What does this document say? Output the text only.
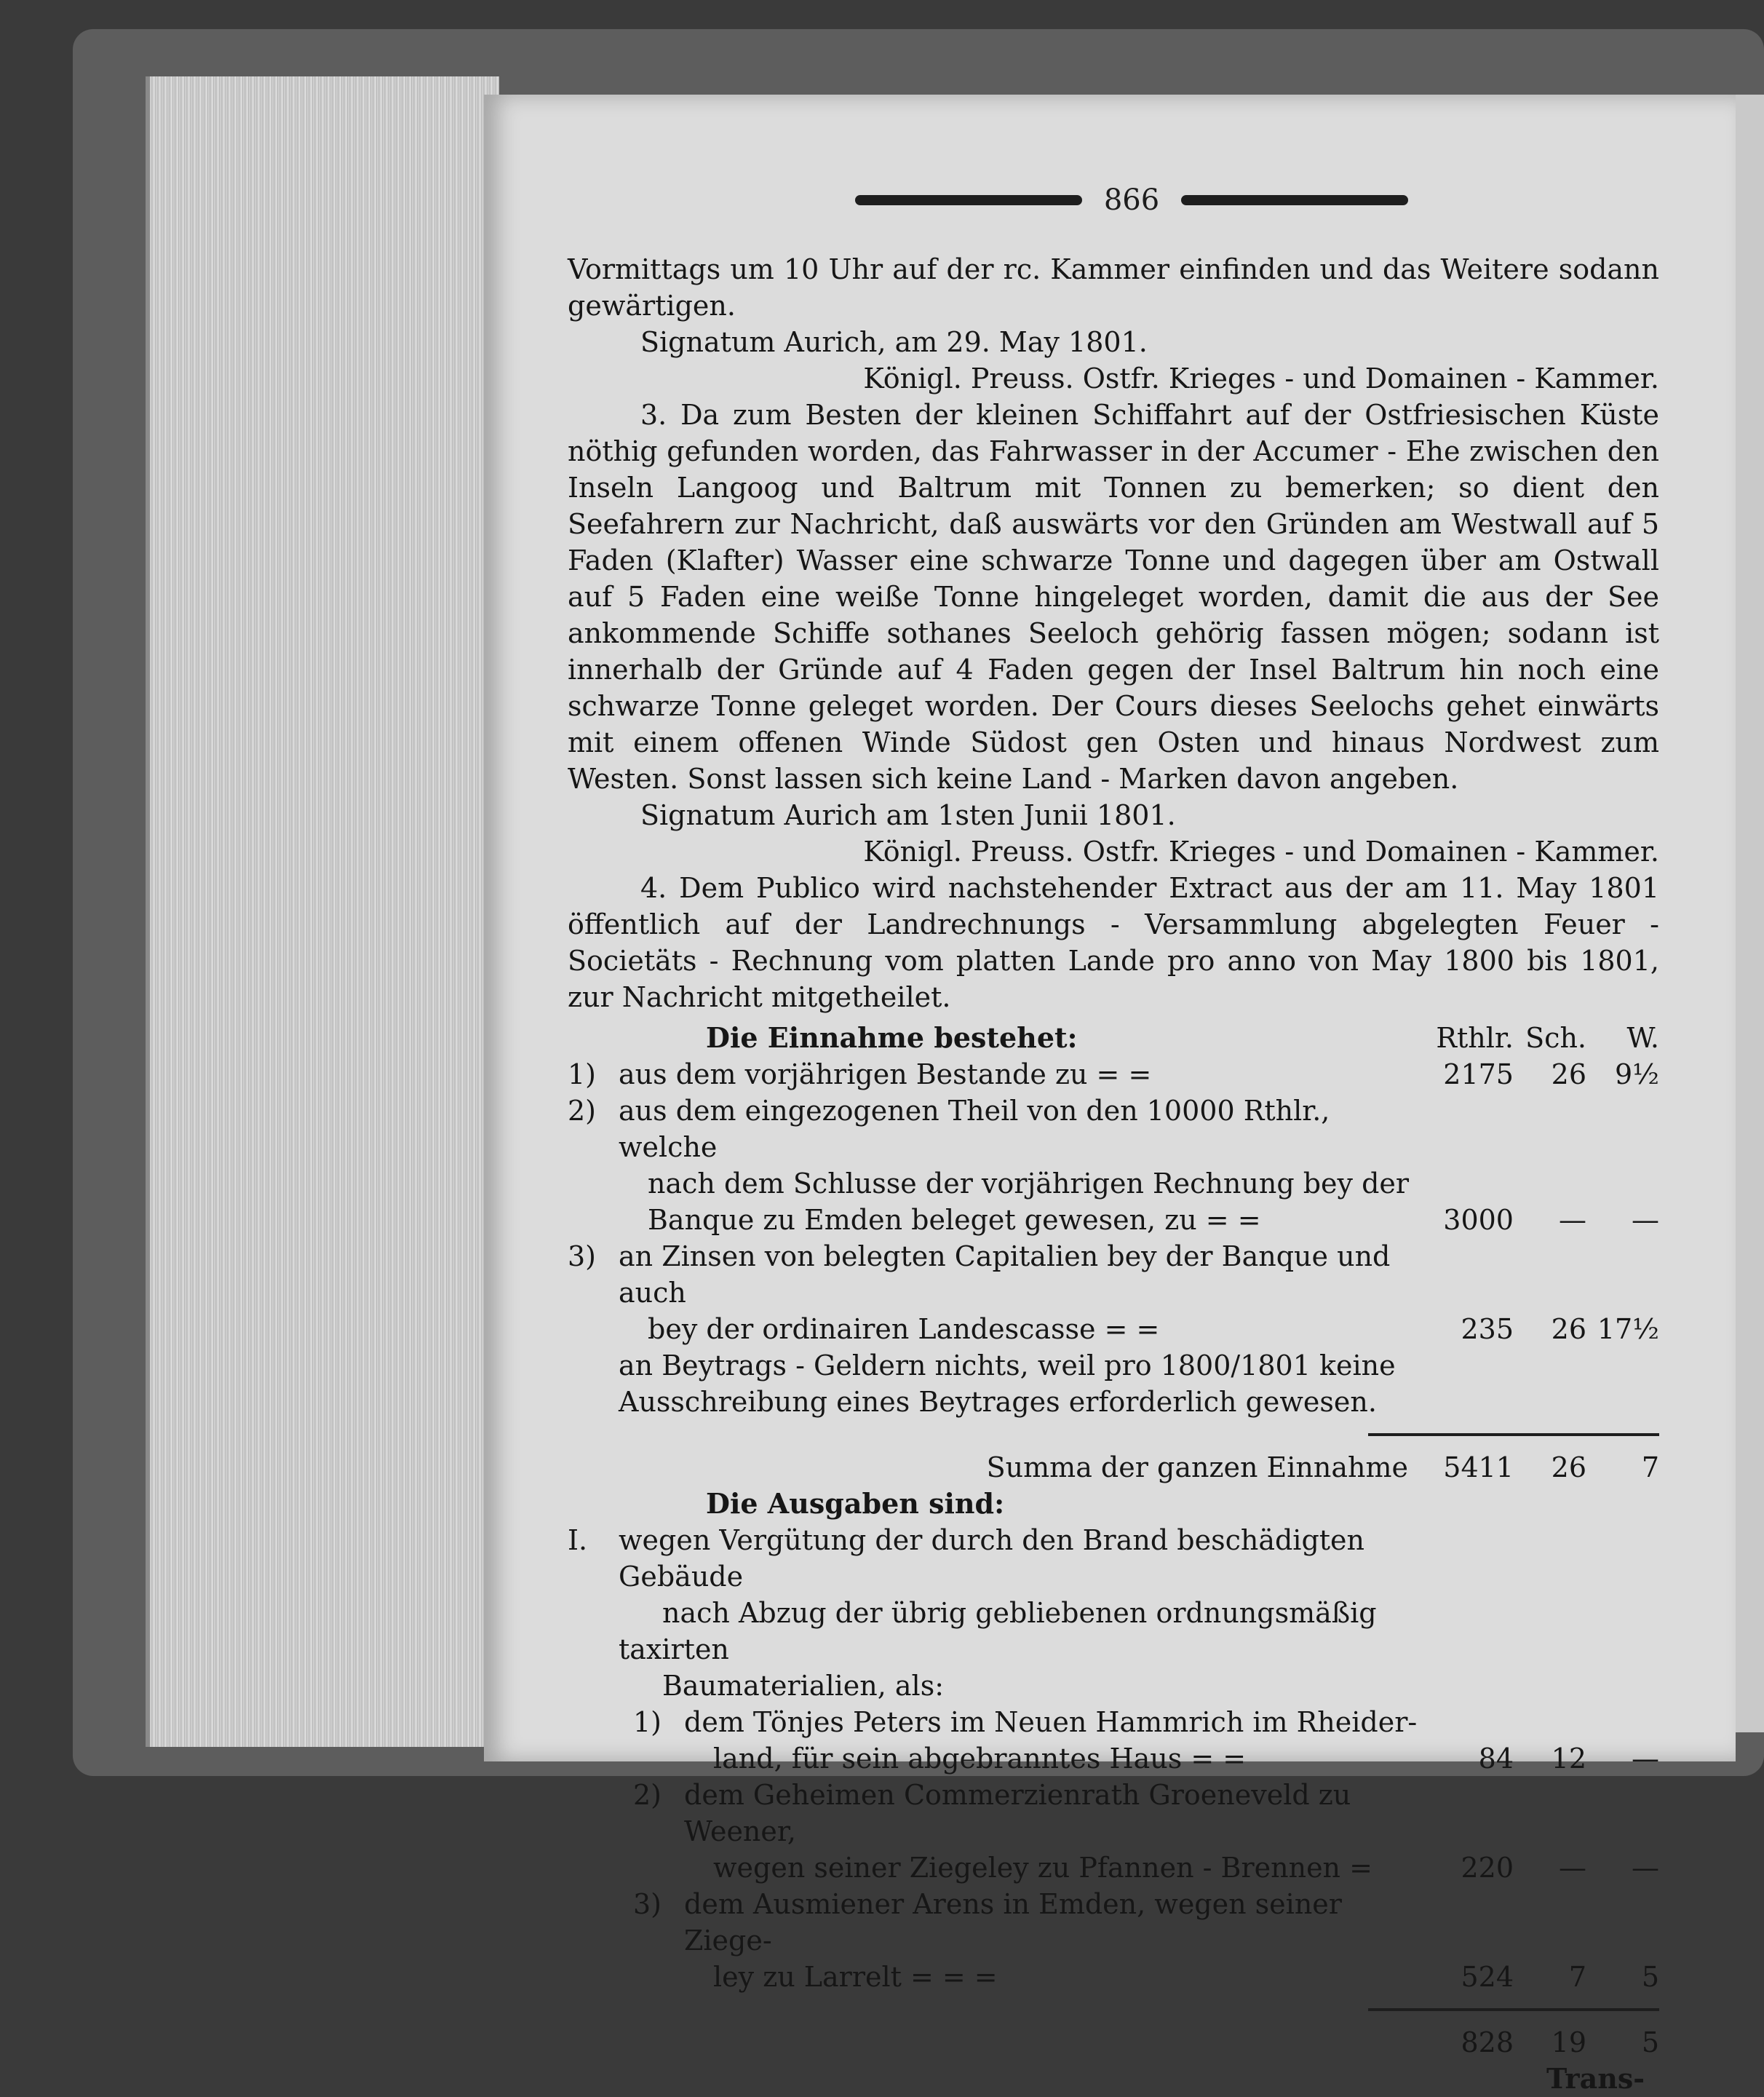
866

Vormittags um 10 Uhr auf der rc. Kammer einfinden und das Weitere sodann gewärtigen.

Signatum Aurich, am 29. May 1801.

Königl. Preuss. Ostfr. Krieges - und Domainen - Kammer.

3. Da zum Besten der kleinen Schiffahrt auf der Ostfriesischen Küste nöthig gefunden worden, das Fahrwasser in der Accumer - Ehe zwischen den Inseln Langoog und Baltrum mit Tonnen zu bemerken; so dient den Seefahrern zur Nachricht, daß auswärts vor den Gründen am Westwall auf 5 Faden (Klafter) Wasser eine schwarze Tonne und dagegen über am Ostwall auf 5 Faden eine weiße Tonne hingeleget worden, damit die aus der See ankommende Schiffe sothanes Seeloch gehörig fassen mögen; sodann ist innerhalb der Gründe auf 4 Faden gegen der Insel Baltrum hin noch eine schwarze Tonne geleget worden. Der Cours dieses Seelochs gehet einwärts mit einem offenen Winde Südost gen Osten und hinaus Nordwest zum Westen. Sonst lassen sich keine Land - Marken davon angeben.

Signatum Aurich am 1sten Junii 1801.

Königl. Preuss. Ostfr. Krieges - und Domainen - Kammer.

4. Dem Publico wird nachstehender Extract aus der am 11. May 1801 öffentlich auf der Landrechnungs - Versammlung abgelegten Feuer - Societäts - Rechnung vom platten Lande pro anno von May 1800 bis 1801, zur Nachricht mitgetheilet.

Die Einnahme bestehet:	Rthlr. Sch.	W.
1) aus dem vorjährigen Bestande zu = =	2175	26	9½
2) aus dem eingezogenen Theil von den 10000 Rthlr., welche
nach dem Schlusse der vorjährigen Rechnung bey der Banque zu Emden beleget gewesen, zu = =	3000	—	—
3) an Zinsen von belegten Capitalien bey der Banque und auch
bey der ordinairen Landescasse = =	235	26 17½
an Beytrags - Geldern nichts, weil pro 1800/1801 keine Ausschreibung eines Beytrages erforderlich gewesen.
Summa der ganzen Einnahme	5411	26	7
Die Ausgaben sind:
I.	wegen Vergütung der durch den Brand beschädigten Gebäude
nach Abzug der übrig gebliebenen ordnungsmäßig taxirten
Baumaterialien, als:
1) dem Tönjes Peters im Neuen Hammrich im Rheider-
land, für sein abgebranntes Haus = =	84	12	—
2) dem Geheimen Commerzienrath Groeneveld zu Weener,
wegen seiner Ziegeley zu Pfannen - Brennen =	220	—	—
3) dem Ausmiener Arens in Emden, wegen seiner Ziege-
ley zu Larrelt = = =	524	7	5
828	19	5
Trans-
